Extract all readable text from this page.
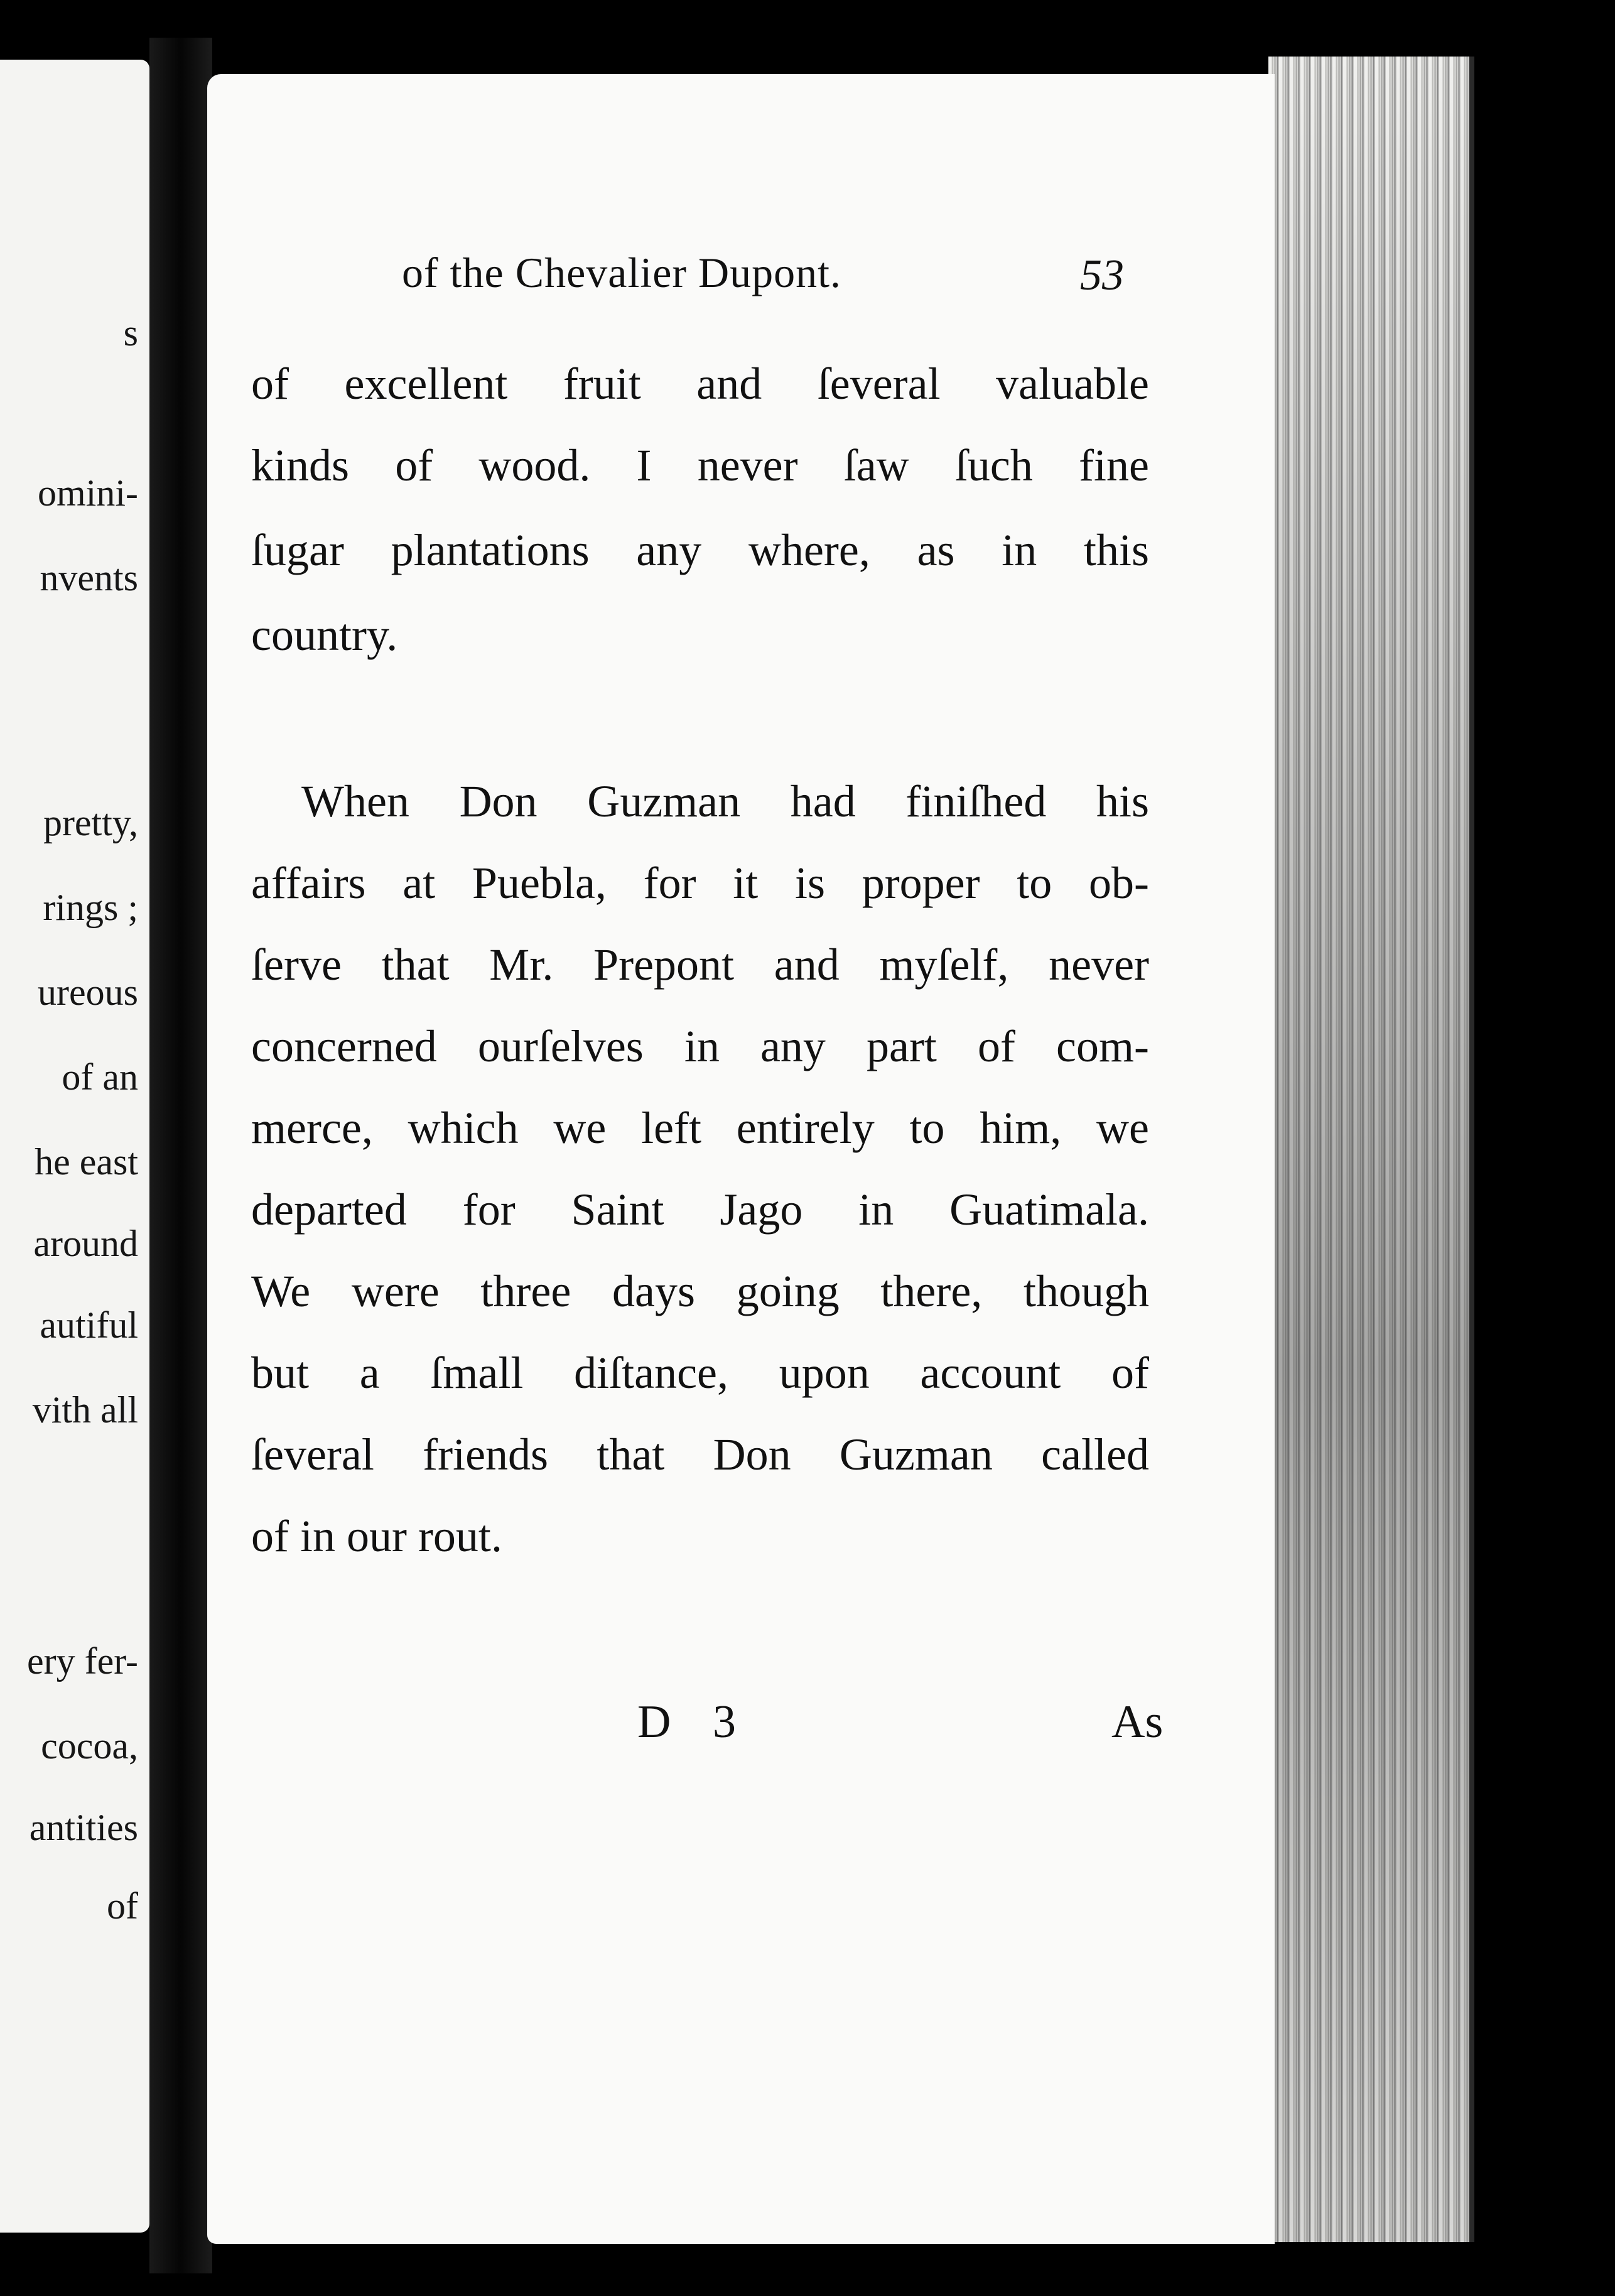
s
omini-
nvents
pretty,
rings ;
ureous
of an
he east
around
autiful
vith all
ery fer-
cocoa,
antities
of
of the Chevalier Dupont.	53
of excellent fruit and ſeveral valuable
kinds of wood. I never ſaw ſuch fine
ſugar plantations any where, as in this
country.
When Don Guzman had finiſhed his
affairs at Puebla, for it is proper to ob-
ſerve that Mr. Prepont and myſelf, never
concerned ourſelves in any part of com-
merce, which we left entirely to him, we
departed for Saint Jago in Guatimala.
We were three days going there, though
but a ſmall diſtance, upon account of
ſeveral friends that Don Guzman called
of in our rout.
D 3	As
